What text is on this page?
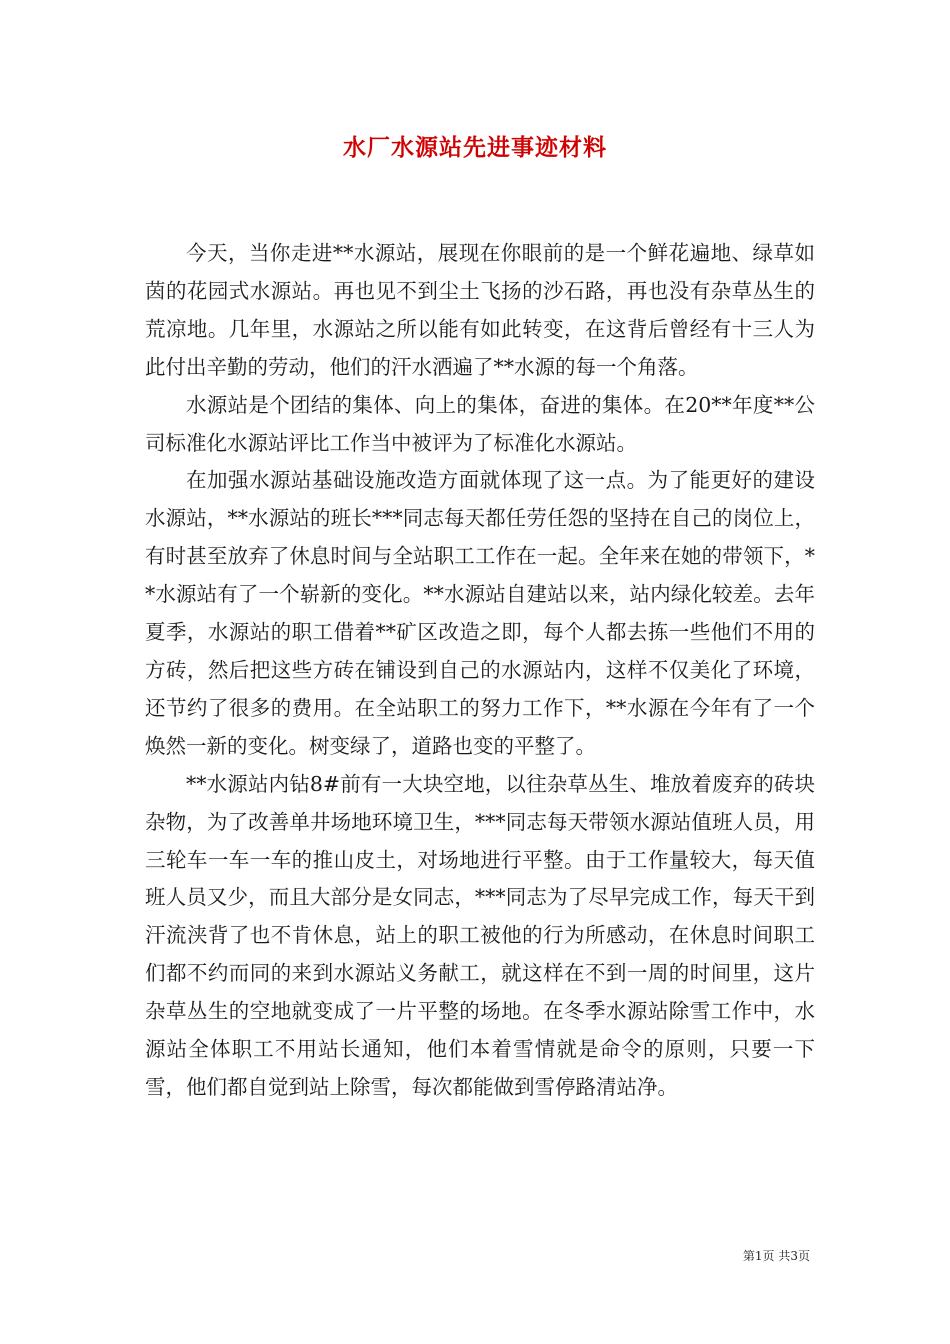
水厂水源站先进事迹材料

今天，当你走进**水源站，展现在你眼前的是一个鲜花遍地、绿草如茵的花园式水源站。再也见不到尘土飞扬的沙石路，再也没有杂草丛生的荒凉地。几年里，水源站之所以能有如此转变，在这背后曾经有十三人为此付出辛勤的劳动，他们的汗水洒遍了**水源的每一个角落。

水源站是个团结的集体、向上的集体，奋进的集体。在20**年度**公司标准化水源站评比工作当中被评为了标准化水源站。

在加强水源站基础设施改造方面就体现了这一点。为了能更好的建设水源站，**水源站的班长***同志每天都任劳任怨的坚持在自己的岗位上，有时甚至放弃了休息时间与全站职工工作在一起。全年来在她的带领下，**水源站有了一个崭新的变化。**水源站自建站以来，站内绿化较差。去年夏季，水源站的职工借着**矿区改造之即，每个人都去拣一些他们不用的方砖，然后把这些方砖在铺设到自己的水源站内，这样不仅美化了环境，还节约了很多的费用。在全站职工的努力工作下，**水源在今年有了一个焕然一新的变化。树变绿了，道路也变的平整了。

**水源站内钻8#前有一大块空地，以往杂草丛生、堆放着废弃的砖块杂物，为了改善单井场地环境卫生，***同志每天带领水源站值班人员，用三轮车一车一车的推山皮土，对场地进行平整。由于工作量较大，每天值班人员又少，而且大部分是女同志，***同志为了尽早完成工作，每天干到汗流浃背了也不肯休息，站上的职工被他的行为所感动，在休息时间职工们都不约而同的来到水源站义务献工，就这样在不到一周的时间里，这片杂草丛生的空地就变成了一片平整的场地。在冬季水源站除雪工作中，水源站全体职工不用站长通知，他们本着雪情就是命令的原则，只要一下雪，他们都自觉到站上除雪，每次都能做到雪停路清站净。

第1页 共3页
